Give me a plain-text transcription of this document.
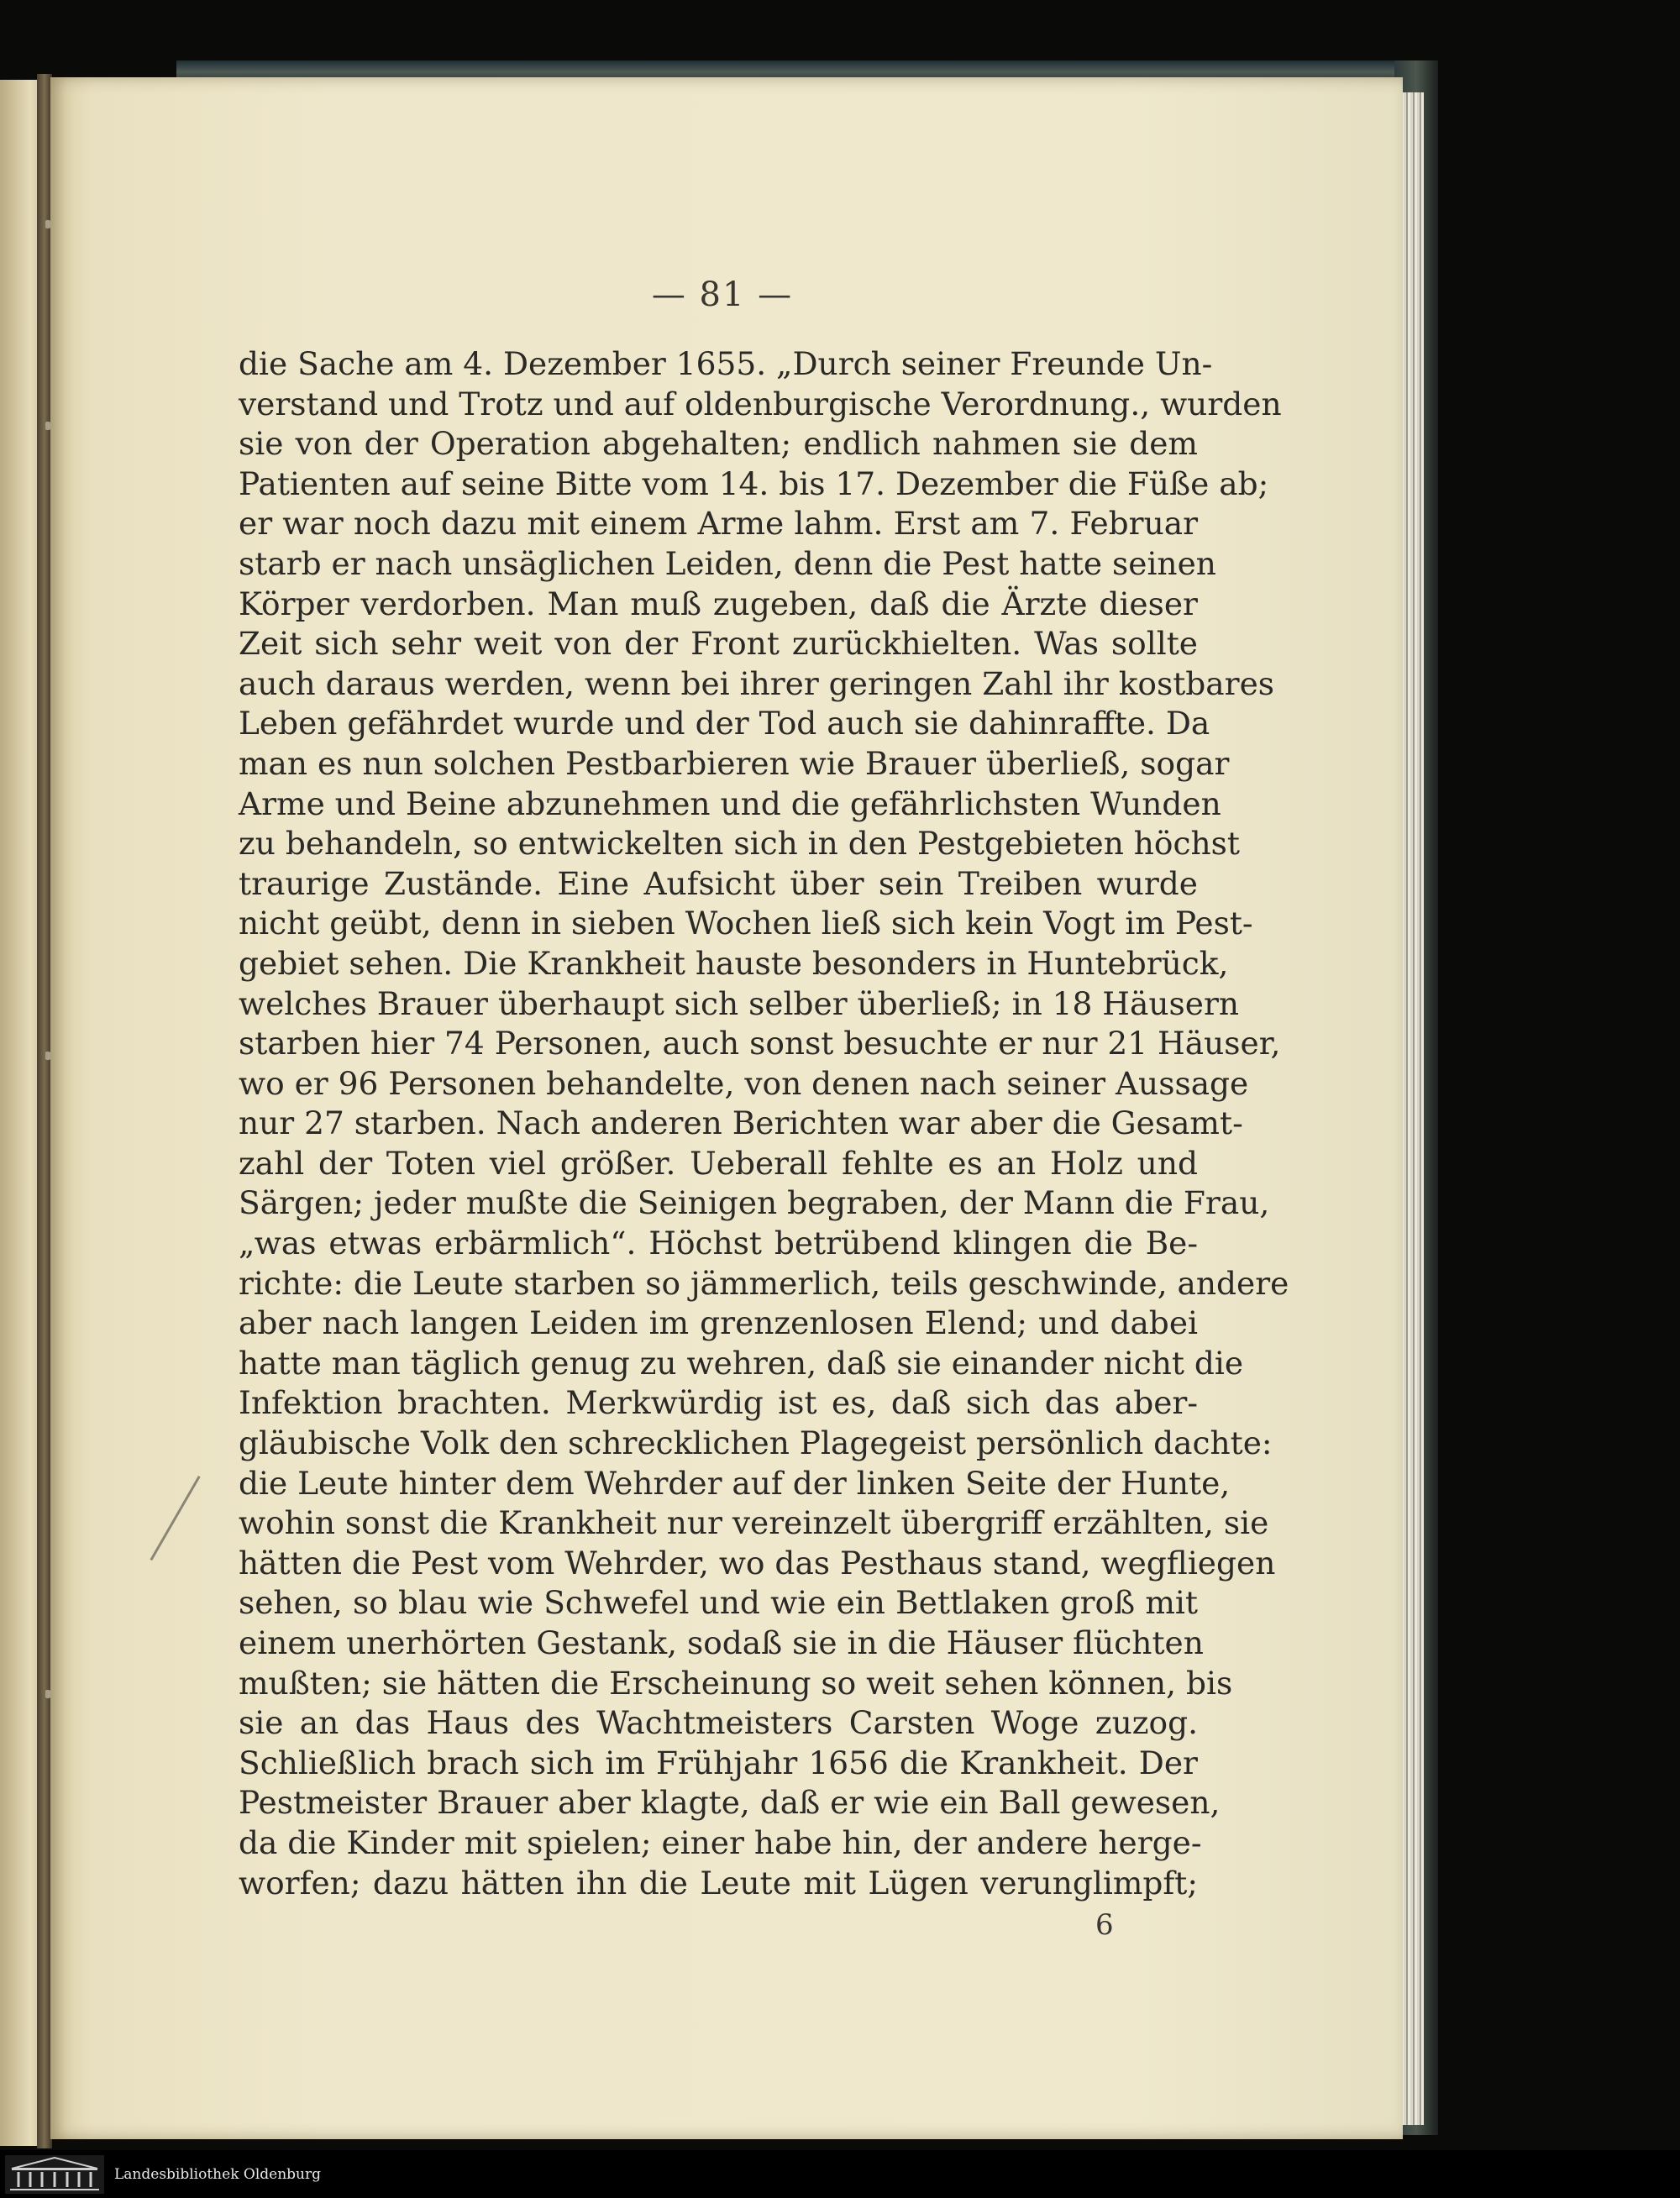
— 81 —
die Sache am 4. Dezember 1655. „Durch seiner Freunde Un-
verstand und Trotz und auf oldenburgische Verordnung., wurden
sie von der Operation abgehalten; endlich nahmen sie dem
Patienten auf seine Bitte vom 14. bis 17. Dezember die Füße ab;
er war noch dazu mit einem Arme lahm. Erst am 7. Februar
starb er nach unsäglichen Leiden, denn die Pest hatte seinen
Körper verdorben. Man muß zugeben, daß die Ärzte dieser
Zeit sich sehr weit von der Front zurückhielten. Was sollte
auch daraus werden, wenn bei ihrer geringen Zahl ihr kostbares
Leben gefährdet wurde und der Tod auch sie dahinraffte. Da
man es nun solchen Pestbarbieren wie Brauer überließ, sogar
Arme und Beine abzunehmen und die gefährlichsten Wunden
zu behandeln, so entwickelten sich in den Pestgebieten höchst
traurige Zustände. Eine Aufsicht über sein Treiben wurde
nicht geübt, denn in sieben Wochen ließ sich kein Vogt im Pest-
gebiet sehen. Die Krankheit hauste besonders in Huntebrück,
welches Brauer überhaupt sich selber überließ; in 18 Häusern
starben hier 74 Personen, auch sonst besuchte er nur 21 Häuser,
wo er 96 Personen behandelte, von denen nach seiner Aussage
nur 27 starben. Nach anderen Berichten war aber die Gesamt-
zahl der Toten viel größer. Ueberall fehlte es an Holz und
Särgen; jeder mußte die Seinigen begraben, der Mann die Frau,
„was etwas erbärmlich“. Höchst betrübend klingen die Be-
richte: die Leute starben so jämmerlich, teils geschwinde, andere
aber nach langen Leiden im grenzenlosen Elend; und dabei
hatte man täglich genug zu wehren, daß sie einander nicht die
Infektion brachten. Merkwürdig ist es, daß sich das aber-
gläubische Volk den schrecklichen Plagegeist persönlich dachte:
die Leute hinter dem Wehrder auf der linken Seite der Hunte,
wohin sonst die Krankheit nur vereinzelt übergriff erzählten, sie
hätten die Pest vom Wehrder, wo das Pesthaus stand, wegfliegen
sehen, so blau wie Schwefel und wie ein Bettlaken groß mit
einem unerhörten Gestank, sodaß sie in die Häuser flüchten
mußten; sie hätten die Erscheinung so weit sehen können, bis
sie an das Haus des Wachtmeisters Carsten Woge zuzog.
Schließlich brach sich im Frühjahr 1656 die Krankheit. Der
Pestmeister Brauer aber klagte, daß er wie ein Ball gewesen,
da die Kinder mit spielen; einer habe hin, der andere herge-
worfen; dazu hätten ihn die Leute mit Lügen verunglimpft;
6
Landesbibliothek Oldenburg
